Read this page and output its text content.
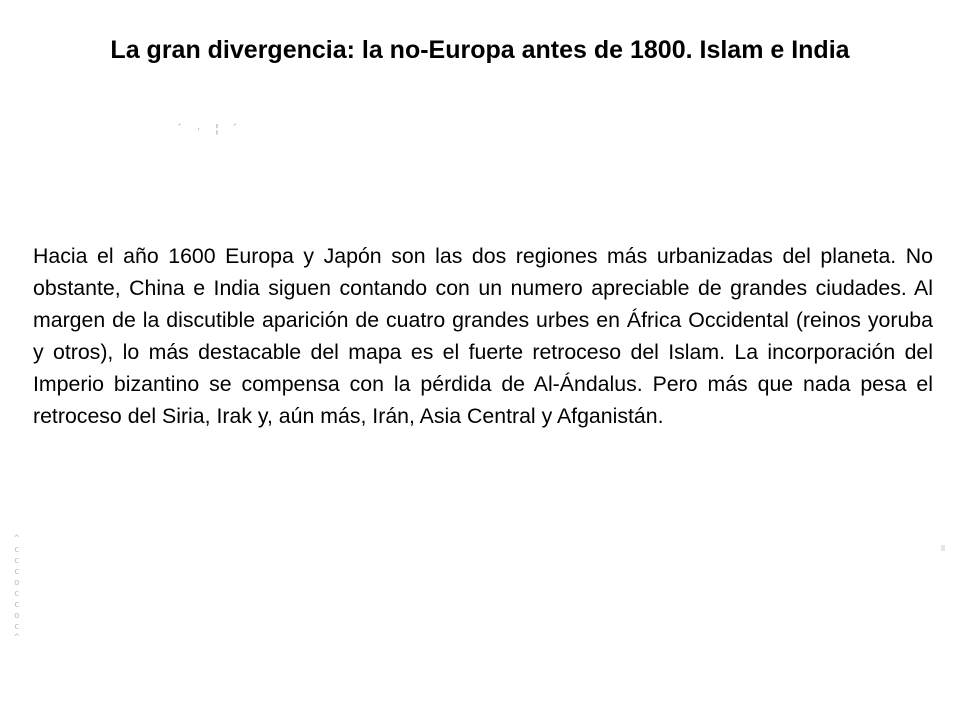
La gran divergencia: la no-Europa antes de 1800. Islam e India
´ · ¦ ´

Hacia el año 1600 Europa y Japón son las dos regiones más urbanizadas del planeta. No obstante, China e India siguen contando con un numero apreciable de grandes ciudades. Al margen de la discutible aparición de cuatro grandes urbes en África Occidental (reinos yoruba y otros), lo más destacable del mapa es el fuerte retroceso del Islam. La incorporación del Imperio bizantino se compensa con la pérdida de Al-Ándalus. Pero más que nada pesa el retroceso del Siria, Irak y, aún más, Irán, Asia Central y Afganistán.

^cccoccoc^
